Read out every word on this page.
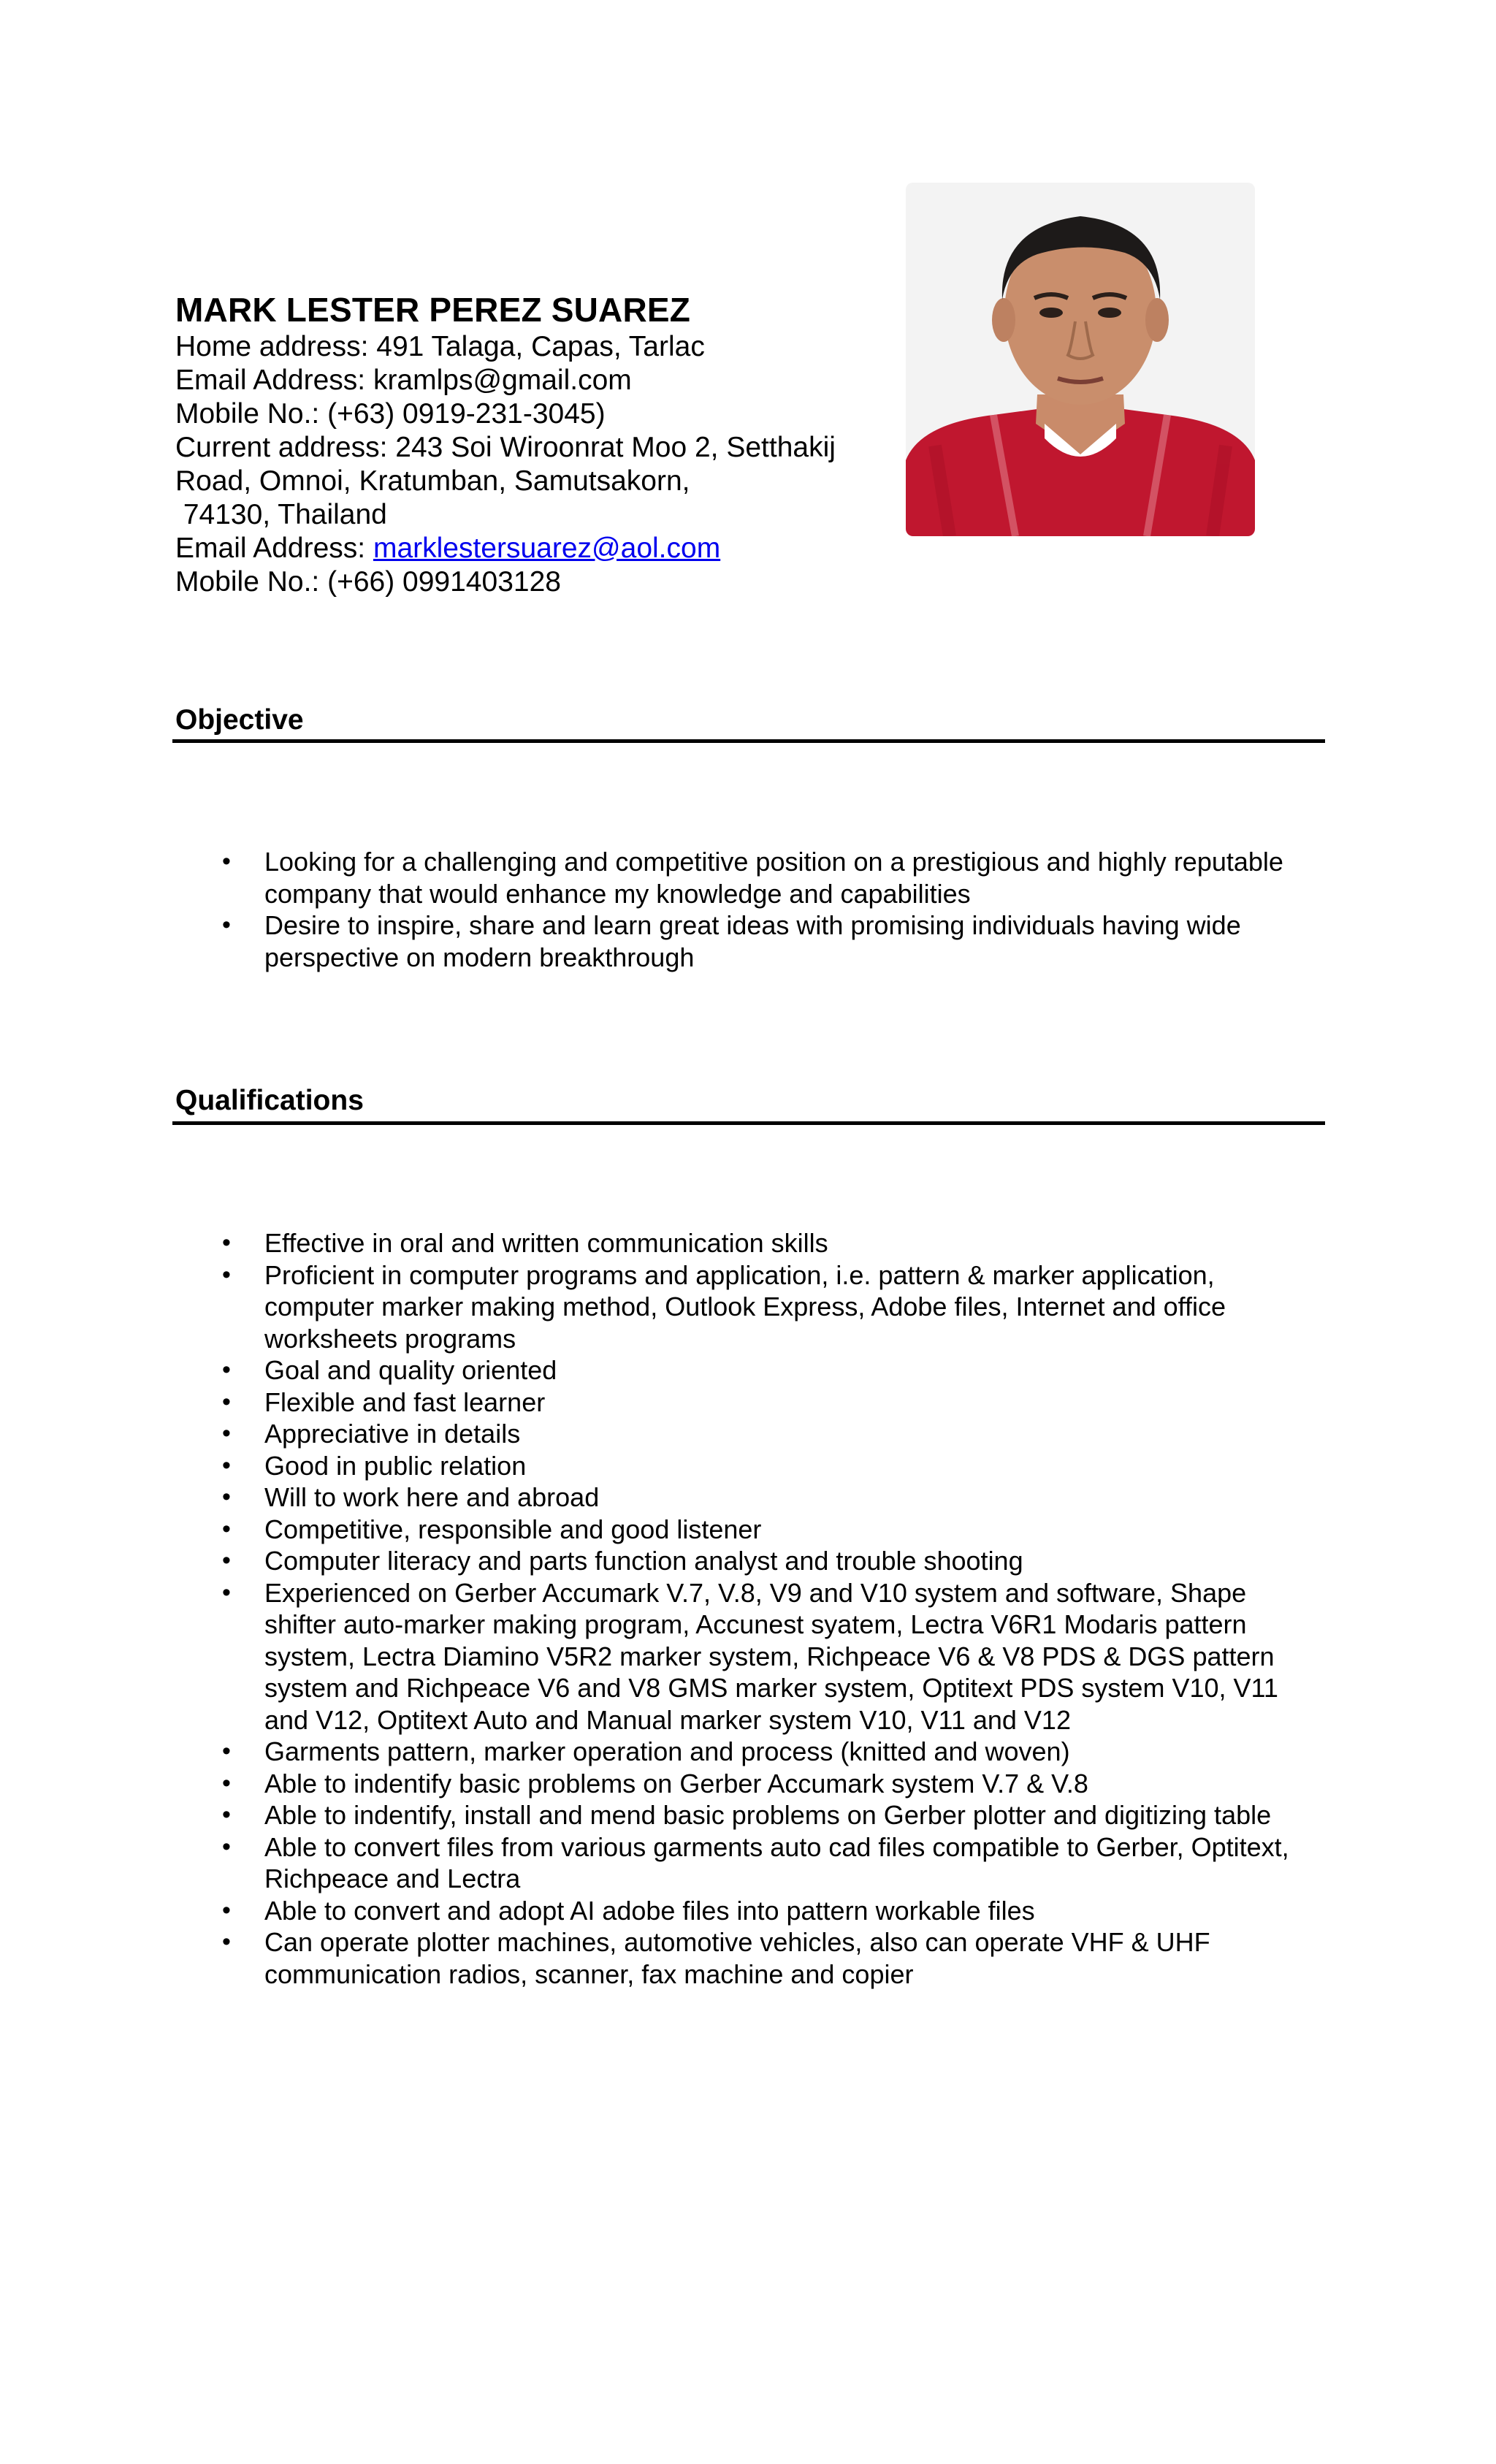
MARK LESTER PEREZ SUAREZ
Home address: 491 Talaga, Capas, Tarlac
Email Address: kramlps@gmail.com
Mobile No.: (+63) 0919-231-3045)
Current address: 243 Soi Wiroonrat Moo 2, Setthakij
Road, Omnoi, Kratumban, Samutsakorn,
74130, Thailand
Email Address: marklestersuarez@aol.com
Mobile No.: (+66) 0991403128
Objective
• Looking for a challenging and competitive position on a prestigious and highly reputable
company that would enhance my knowledge and capabilities
• Desire to inspire, share and learn great ideas with promising individuals having wide
perspective on modern breakthrough
Qualifications
• Effective in oral and written communication skills
• Proficient in computer programs and application, i.e. pattern & marker application,
computer marker making method, Outlook Express, Adobe files, Internet and office
worksheets programs
• Goal and quality oriented
• Flexible and fast learner
• Appreciative in details
• Good in public relation
• Will to work here and abroad
• Competitive, responsible and good listener
• Computer literacy and parts function analyst and trouble shooting
• Experienced on Gerber Accumark V.7, V.8, V9 and V10 system and software, Shape
shifter auto-marker making program, Accunest syatem, Lectra V6R1 Modaris pattern
system, Lectra Diamino V5R2 marker system, Richpeace V6 & V8 PDS & DGS pattern
system and Richpeace V6 and V8 GMS marker system, Optitext PDS system V10, V11
and V12, Optitext Auto and Manual marker system V10, V11 and V12
• Garments pattern, marker operation and process (knitted and woven)
• Able to indentify basic problems on Gerber Accumark system V.7 & V.8
• Able to indentify, install and mend basic problems on Gerber plotter and digitizing table
• Able to convert files from various garments auto cad files compatible to Gerber, Optitext,
Richpeace and Lectra
• Able to convert and adopt AI adobe files into pattern workable files
• Can operate plotter machines, automotive vehicles, also can operate VHF & UHF
communication radios, scanner, fax machine and copier
